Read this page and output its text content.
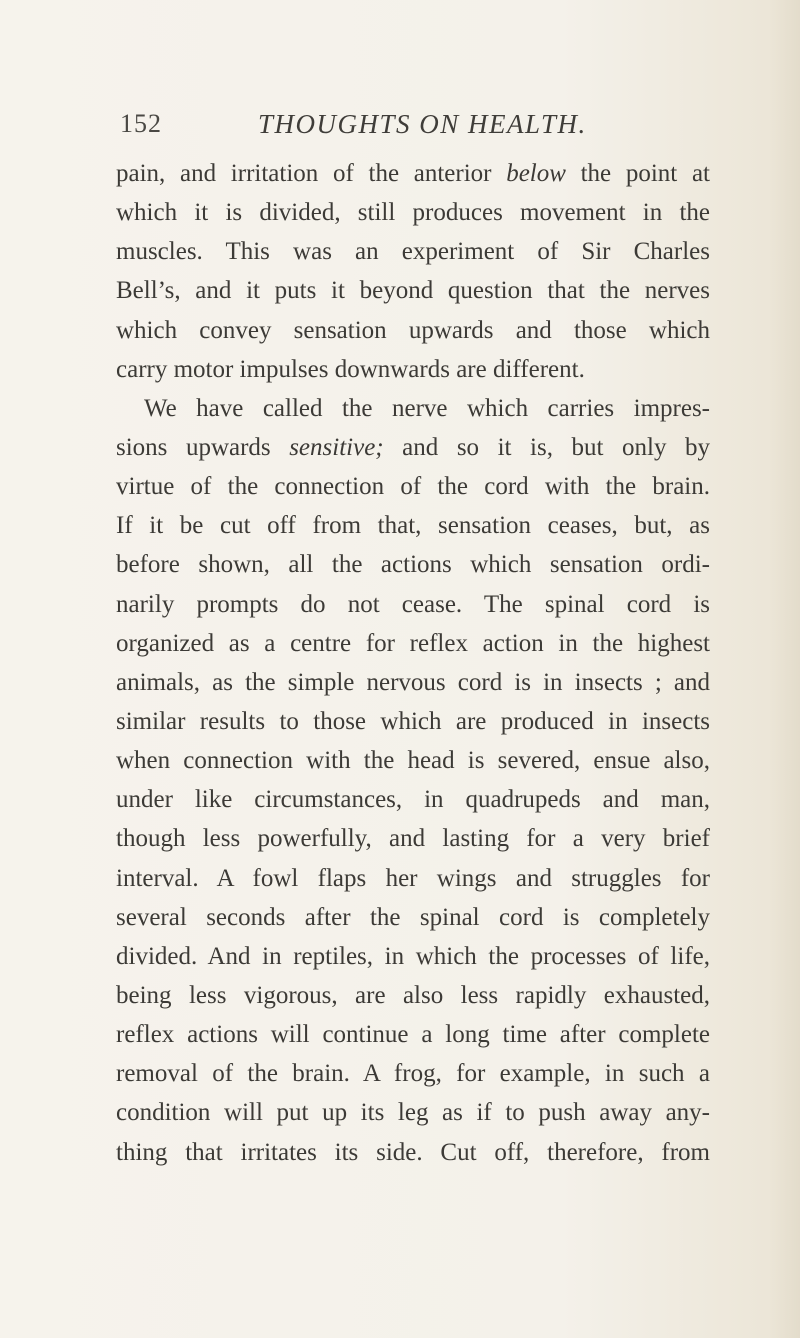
152	THOUGHTS ON HEALTH.
pain, and irritation of the anterior below the point at
which it is divided, still produces movement in the
muscles. This was an experiment of Sir Charles
Bell’s, and it puts it beyond question that the nerves
which convey sensation upwards and those which
carry motor impulses downwards are different.
We have called the nerve which carries impres-
sions upwards sensitive; and so it is, but only by
virtue of the connection of the cord with the brain.
If it be cut off from that, sensation ceases, but, as
before shown, all the actions which sensation ordi-
narily prompts do not cease. The spinal cord is
organized as a centre for reflex action in the highest
animals, as the simple nervous cord is in insects ; and
similar results to those which are produced in insects
when connection with the head is severed, ensue also,
under like circumstances, in quadrupeds and man,
though less powerfully, and lasting for a very brief
interval. A fowl flaps her wings and struggles for
several seconds after the spinal cord is completely
divided. And in reptiles, in which the processes of life,
being less vigorous, are also less rapidly exhausted,
reflex actions will continue a long time after complete
removal of the brain. A frog, for example, in such a
condition will put up its leg as if to push away any-
thing that irritates its side. Cut off, therefore, from
